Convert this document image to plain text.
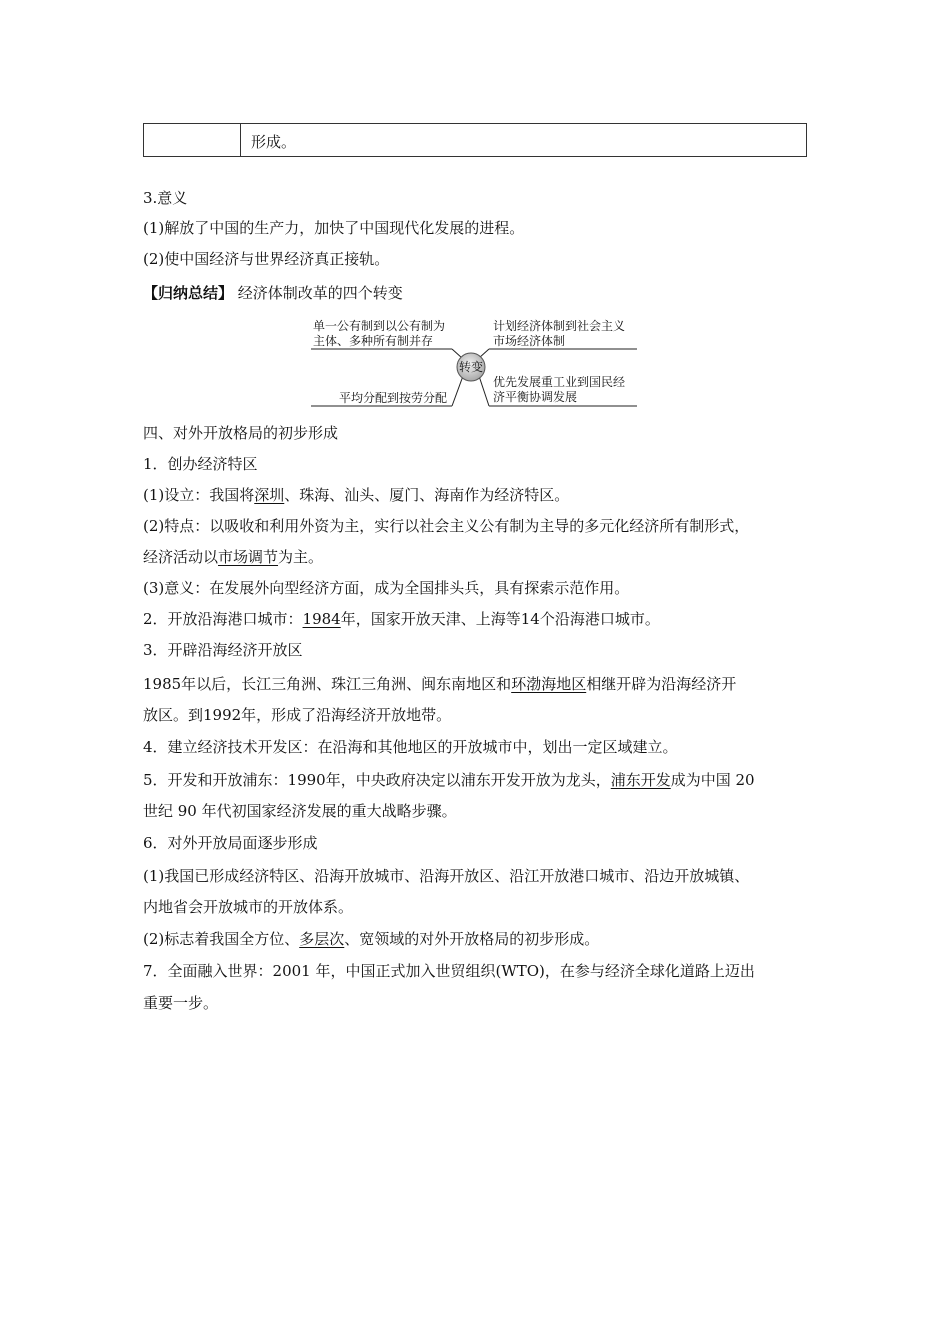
形成。
3.意义
(1)解放了中国的生产力，加快了中国现代化发展的进程。
(2)使中国经济与世界经济真正接轨。
【归纳总结】 经济体制改革的四个转变
转变
单一公有制到以公有制为
主体、多种所有制并存
计划经济体制到社会主义
市场经济体制
平均分配到按劳分配
优先发展重工业到国民经
济平衡协调发展
四、对外开放格局的初步形成
1．创办经济特区
(1)设立：我国将深圳、珠海、汕头、厦门、海南作为经济特区。
(2)特点：以吸收和利用外资为主，实行以社会主义公有制为主导的多元化经济所有制形式，
经济活动以市场调节为主。
(3)意义：在发展外向型经济方面，成为全国排头兵，具有探索示范作用。
2．开放沿海港口城市：1984年，国家开放天津、上海等14个沿海港口城市。
3．开辟沿海经济开放区
1985年以后，长江三角洲、珠江三角洲、闽东南地区和环渤海地区相继开辟为沿海经济开
放区。到1992年，形成了沿海经济开放地带。
4．建立经济技术开发区：在沿海和其他地区的开放城市中，划出一定区域建立。
5．开发和开放浦东：1990年，中央政府决定以浦东开发开放为龙头，浦东开发成为中国 20
世纪 90 年代初国家经济发展的重大战略步骤。
6．对外开放局面逐步形成
(1)我国已形成经济特区、沿海开放城市、沿海开放区、沿江开放港口城市、沿边开放城镇、
内地省会开放城市的开放体系。
(2)标志着我国全方位、多层次、宽领域的对外开放格局的初步形成。
7．全面融入世界：2001 年，中国正式加入世贸组织(WTO)，在参与经济全球化道路上迈出
重要一步。
